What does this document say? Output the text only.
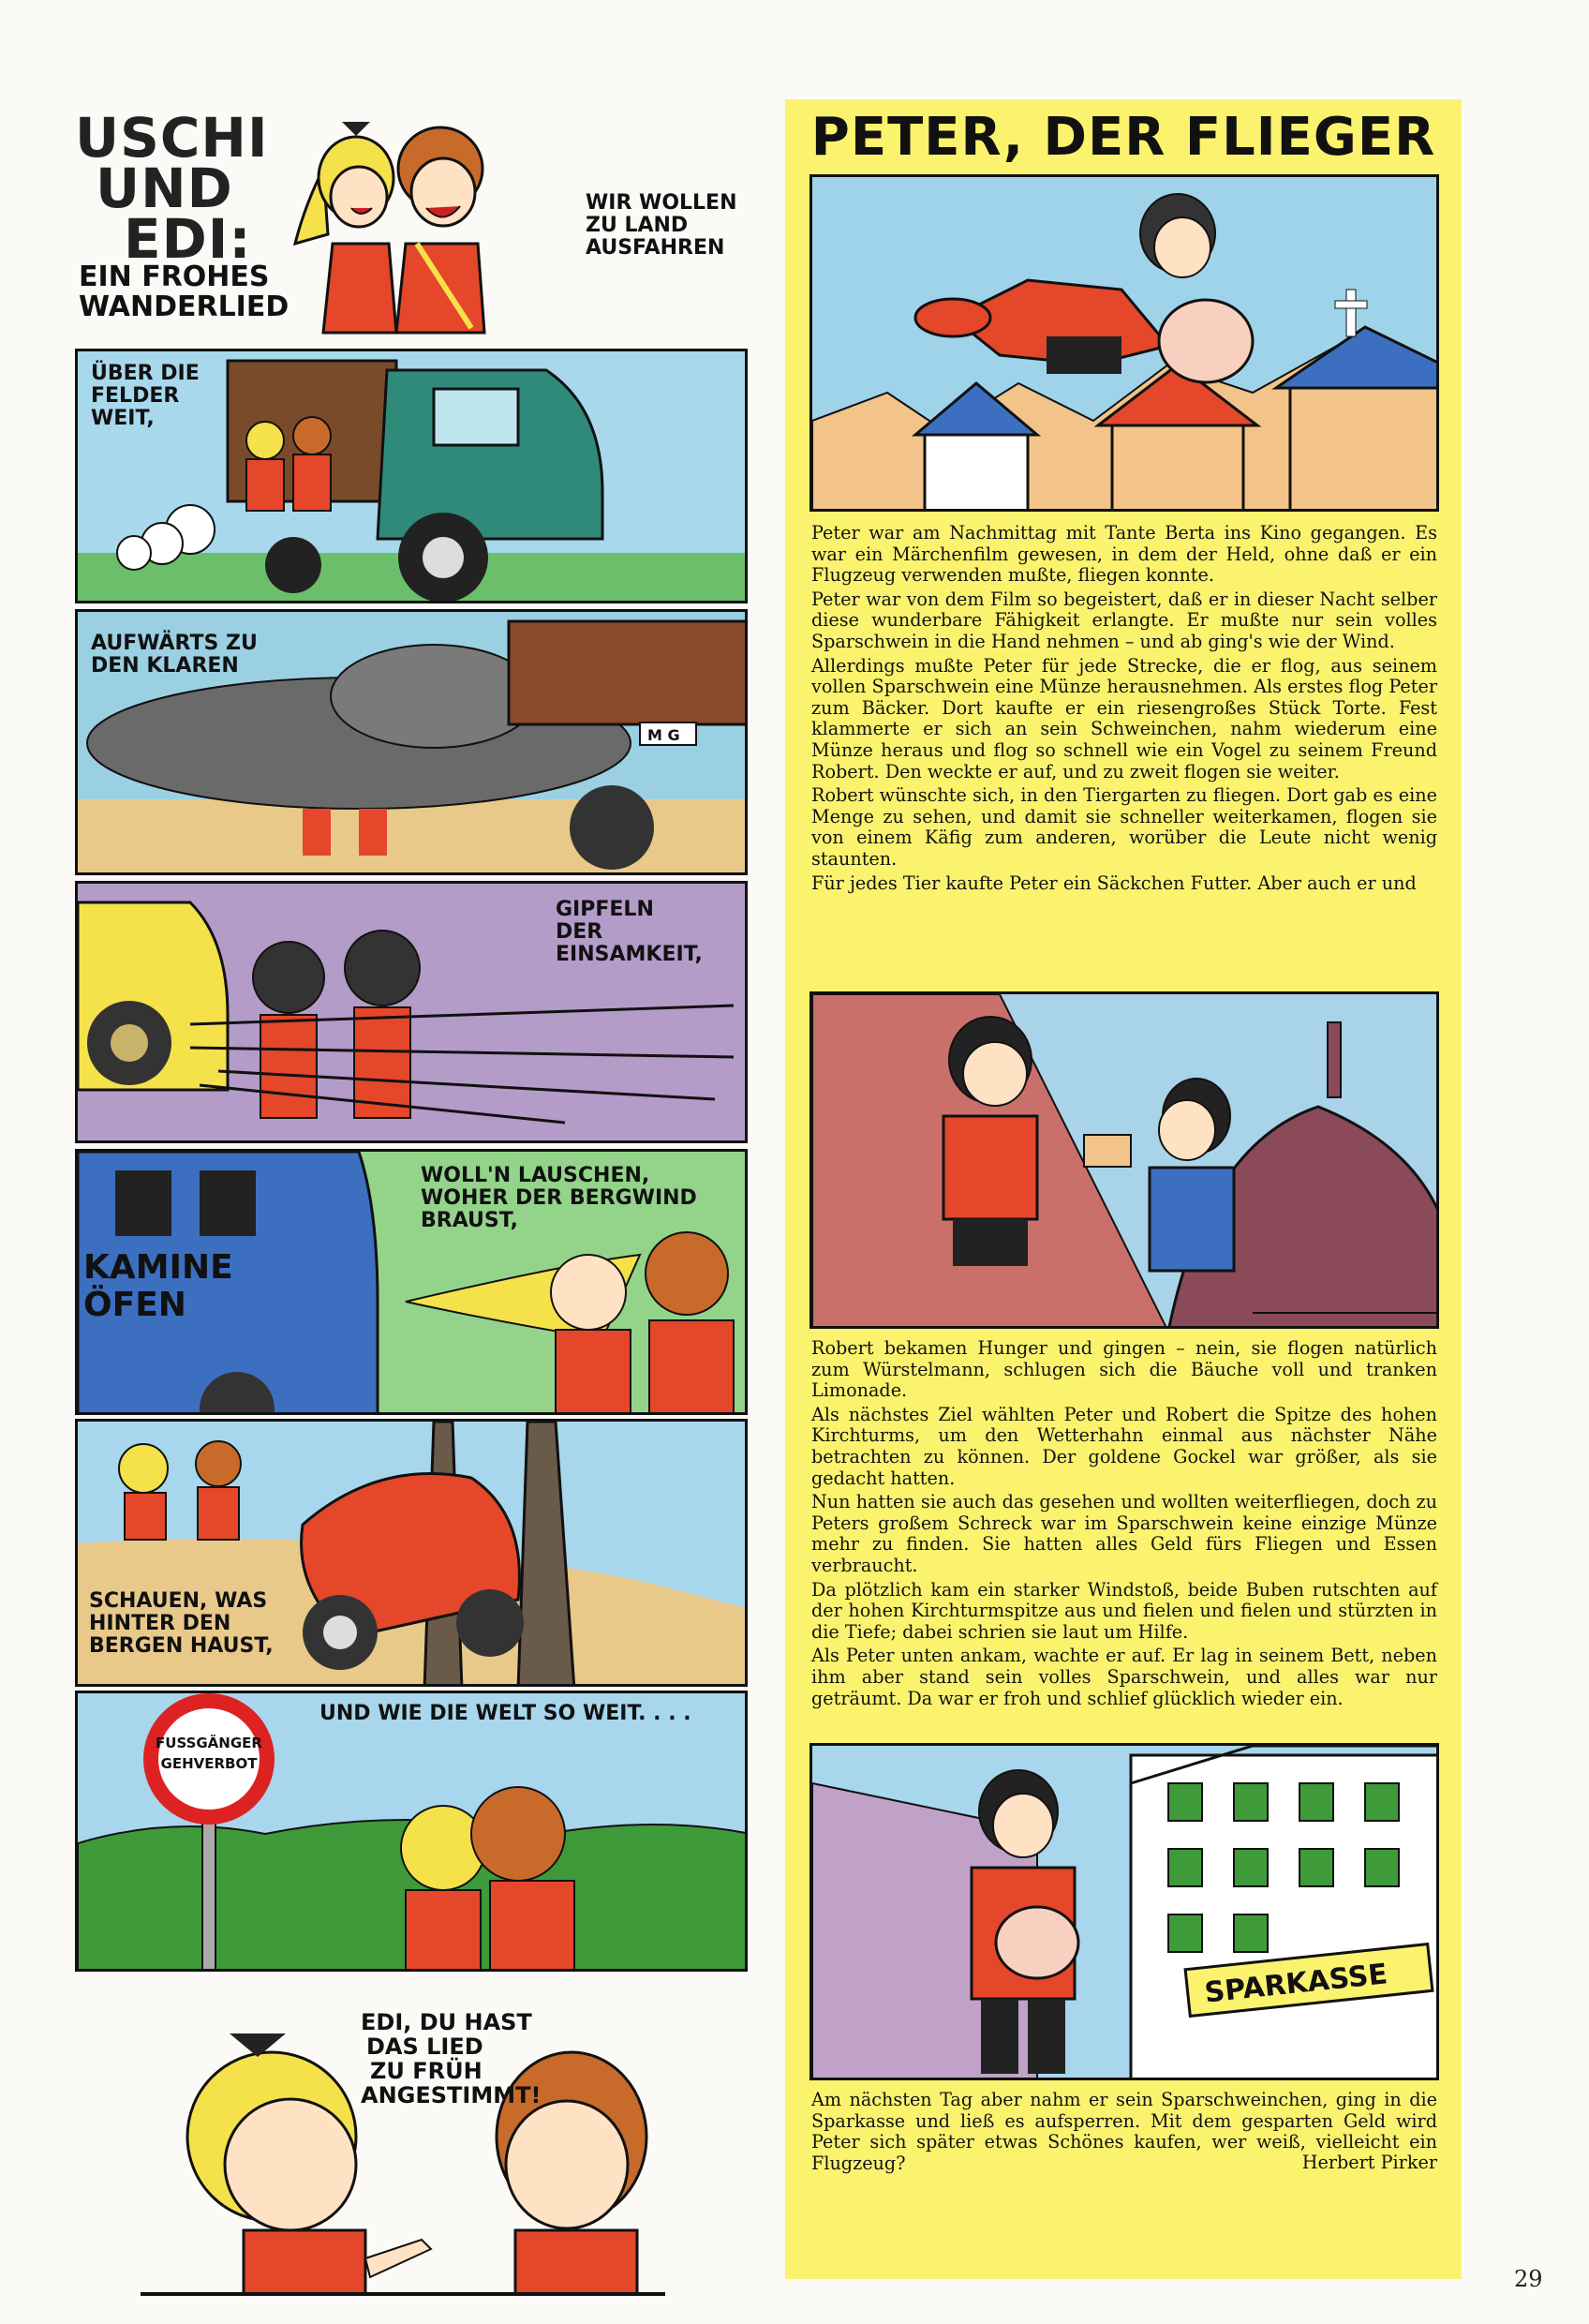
USCHI
UND
EDI:
EIN FROHES
WANDERLIED
WIR WOLLEN
ZU LAND
AUSFAHREN
ÜBER DIE
FELDER
WEIT,
M G
AUFWÄRTS ZU
DEN KLAREN
GIPFELN
DER
EINSAMKEIT,
KAMINE
ÖFEN
WOLL'N LAUSCHEN,
WOHER DER BERGWIND
BRAUST,
SCHAUEN, WAS
HINTER DEN
BERGEN HAUST,
FUSSGÄNGER
GEHVERBOT
UND WIE DIE WELT SO WEIT. . . .
EDI, DU HAST
DAS LIED
ZU FRÜH
ANGESTIMMT!
PETER, DER FLIEGER

Peter war am Nachmittag mit Tante Berta ins Kino gegangen. Es war ein Märchenfilm gewesen, in dem der Held, ohne daß er ein Flugzeug verwenden mußte, fliegen konnte.

Peter war von dem Film so begeistert, daß er in dieser Nacht selber diese wunderbare Fähigkeit erlangte. Er mußte nur sein volles Sparschwein in die Hand nehmen – und ab ging's wie der Wind.

Allerdings mußte Peter für jede Strecke, die er flog, aus seinem vollen Sparschwein eine Münze herausnehmen. Als erstes flog Peter zum Bäcker. Dort kaufte er ein riesengroßes Stück Torte. Fest klammerte er sich an sein Schweinchen, nahm wiederum eine Münze heraus und flog so schnell wie ein Vogel zu seinem Freund Robert. Den weckte er auf, und zu zweit flogen sie weiter.

Robert wünschte sich, in den Tiergarten zu fliegen. Dort gab es eine Menge zu sehen, und damit sie schneller weiterkamen, flogen sie von einem Käfig zum anderen, worüber die Leute nicht wenig staunten.

Für jedes Tier kaufte Peter ein Säckchen Futter. Aber auch er und

Robert bekamen Hunger und gingen – nein, sie flogen natürlich zum Würstelmann, schlugen sich die Bäuche voll und tranken Limonade.

Als nächstes Ziel wählten Peter und Robert die Spitze des hohen Kirchturms, um den Wetterhahn einmal aus nächster Nähe betrachten zu können. Der goldene Gockel war größer, als sie gedacht hatten.

Nun hatten sie auch das gesehen und wollten weiterfliegen, doch zu Peters großem Schreck war im Sparschwein keine einzige Münze mehr zu finden. Sie hatten alles Geld fürs Fliegen und Essen verbraucht.

Da plötzlich kam ein starker Windstoß, beide Buben rutschten auf der hohen Kirchturmspitze aus und fielen und fielen und stürzten in die Tiefe; dabei schrien sie laut um Hilfe.

Als Peter unten ankam, wachte er auf. Er lag in seinem Bett, neben ihm aber stand sein volles Sparschwein, und alles war nur geträumt. Da war er froh und schlief glücklich wieder ein.

SPARKASSE

Am nächsten Tag aber nahm er sein Sparschweinchen, ging in die Sparkasse und ließ es aufsperren. Mit dem gesparten Geld wird Peter sich später etwas Schönes kaufen, wer weiß, vielleicht ein Flugzeug?	Herbert Pirker
29
